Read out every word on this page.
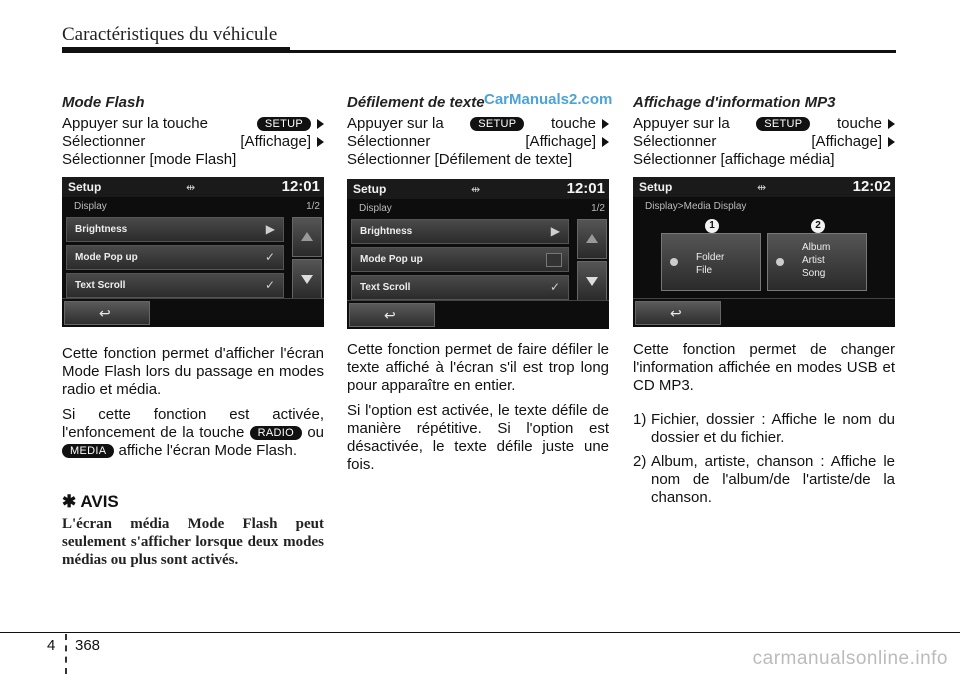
Caractéristiques du véhicule
CarManuals2.com
Mode Flash
Appuyer sur la touche	SETUP
Sélectionner	[Affichage]
Sélectionner [mode Flash]
Setup	⇹	12:01
Display	1/2
Brightness	▶
Mode Pop up	✓
Text Scroll	✓
↩

Cette fonction permet d'afficher l'écran Mode Flash lors du passage en modes radio et média.

Si cette fonction est activée, l'enfoncement de la touche RADIO ou MEDIA affiche l'écran Mode Flash.

✱ AVIS
L'écran média Mode Flash peut seulement s'afficher lorsque deux modes médias ou plus sont activés.
Défilement de texte
Appuyer sur la	SETUP	touche
Sélectionner	[Affichage]
Sélectionner [Défilement de texte]
Setup	⇹	12:01
Display	1/2
Brightness	▶
Mode Pop up
Text Scroll	✓
↩

Cette fonction permet de faire défiler le texte affiché à l'écran s'il est trop long pour apparaître en entier.

Si l'option est activée, le texte défile de manière répétitive. Si l'option est désactivée, le texte défile juste une fois.

Affichage d'information MP3
Appuyer sur la	SETUP	touche
Sélectionner	[Affichage]
Sélectionner [affichage média]
Setup	⇹	12:02
Display>Media Display
1	2
Folder
File
Album
Artist
Song
↩

Cette fonction permet de changer l'information affichée en modes USB et CD MP3.

1) Fichier, dossier : Affiche le nom du dossier et du fichier.
2) Album, artiste, chanson : Affiche le nom de l'album/de l'artiste/de la chanson.
4 368
carmanualsonline.info
